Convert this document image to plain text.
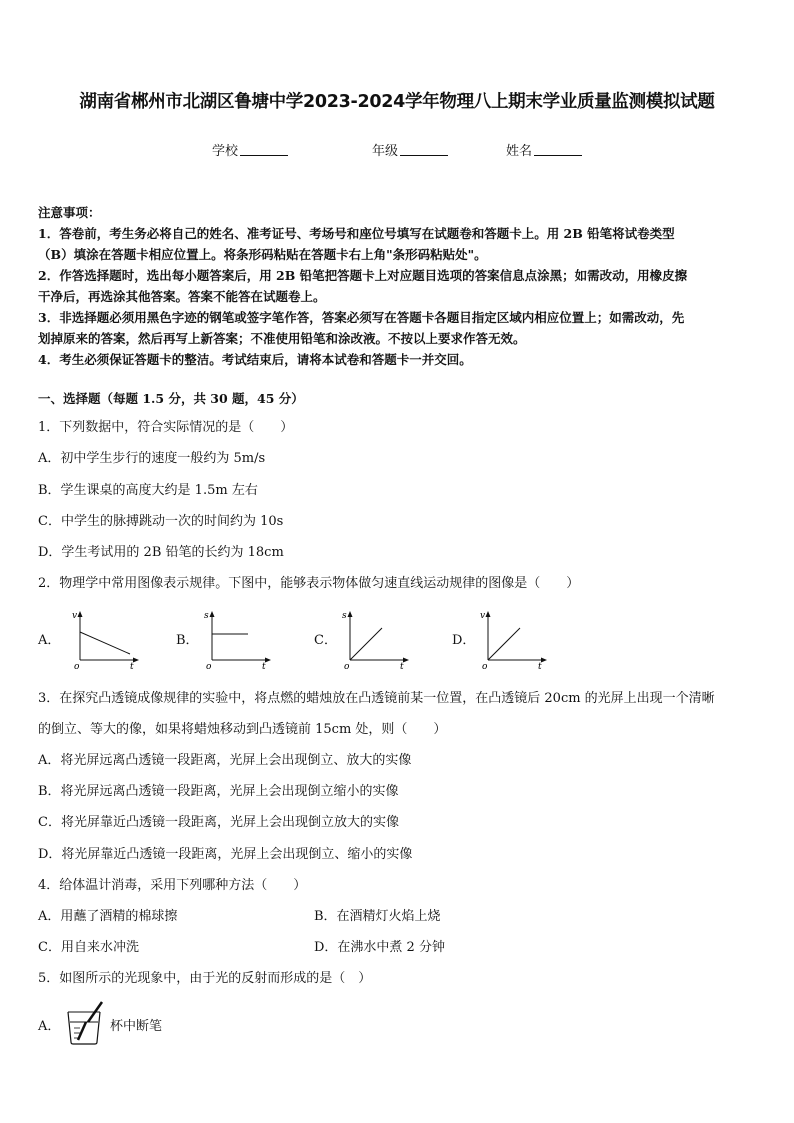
湖南省郴州市北湖区鲁塘中学2023-2024学年物理八上期末学业质量监测模拟试题
学校	年级	姓名
注意事项：
1．答卷前，考生务必将自己的姓名、准考证号、考场号和座位号填写在试题卷和答题卡上。用 2B 铅笔将试卷类型
（B）填涂在答题卡相应位置上。将条形码粘贴在答题卡右上角"条形码粘贴处"。
2．作答选择题时，选出每小题答案后，用 2B 铅笔把答题卡上对应题目选项的答案信息点涂黑；如需改动，用橡皮擦
干净后，再选涂其他答案。答案不能答在试题卷上。
3．非选择题必须用黑色字迹的钢笔或签字笔作答，答案必须写在答题卡各题目指定区域内相应位置上；如需改动，先
划掉原来的答案，然后再写上新答案；不准使用铅笔和涂改液。不按以上要求作答无效。
4．考生必须保证答题卡的整洁。考试结束后，请将本试卷和答题卡一并交回。
一、选择题（每题 1.5 分，共 30 题，45 分）
1．下列数据中，符合实际情况的是（　　）
A．初中学生步行的速度一般约为 5m/s
B．学生课桌的高度大约是 1.5m 左右
C．中学生的脉搏跳动一次的时间约为 10s
D．学生考试用的 2B 铅笔的长约为 18cm
2．物理学中常用图像表示规律。下图中，能够表示物体做匀速直线运动规律的图像是（　　）
A．
v
o	t
B．
s
o	t
C．
s
o	t
D．
v
o	t
3．在探究凸透镜成像规律的实验中，将点燃的蜡烛放在凸透镜前某一位置，在凸透镜后 20cm 的光屏上出现一个清晰
的倒立、等大的像，如果将蜡烛移动到凸透镜前 15cm 处，则（　　）
A．将光屏远离凸透镜一段距离，光屏上会出现倒立、放大的实像
B．将光屏远离凸透镜一段距离，光屏上会出现倒立缩小的实像
C．将光屏靠近凸透镜一段距离，光屏上会出现倒立放大的实像
D．将光屏靠近凸透镜一段距离，光屏上会出现倒立、缩小的实像
4．给体温计消毒，采用下列哪种方法（　　）
A．用蘸了酒精的棉球擦	B．在酒精灯火焰上烧
C．用自来水冲洗	D．在沸水中煮 2 分钟
5．如图所示的光现象中，由于光的反射而形成的是（　）
A．	杯中断笔
